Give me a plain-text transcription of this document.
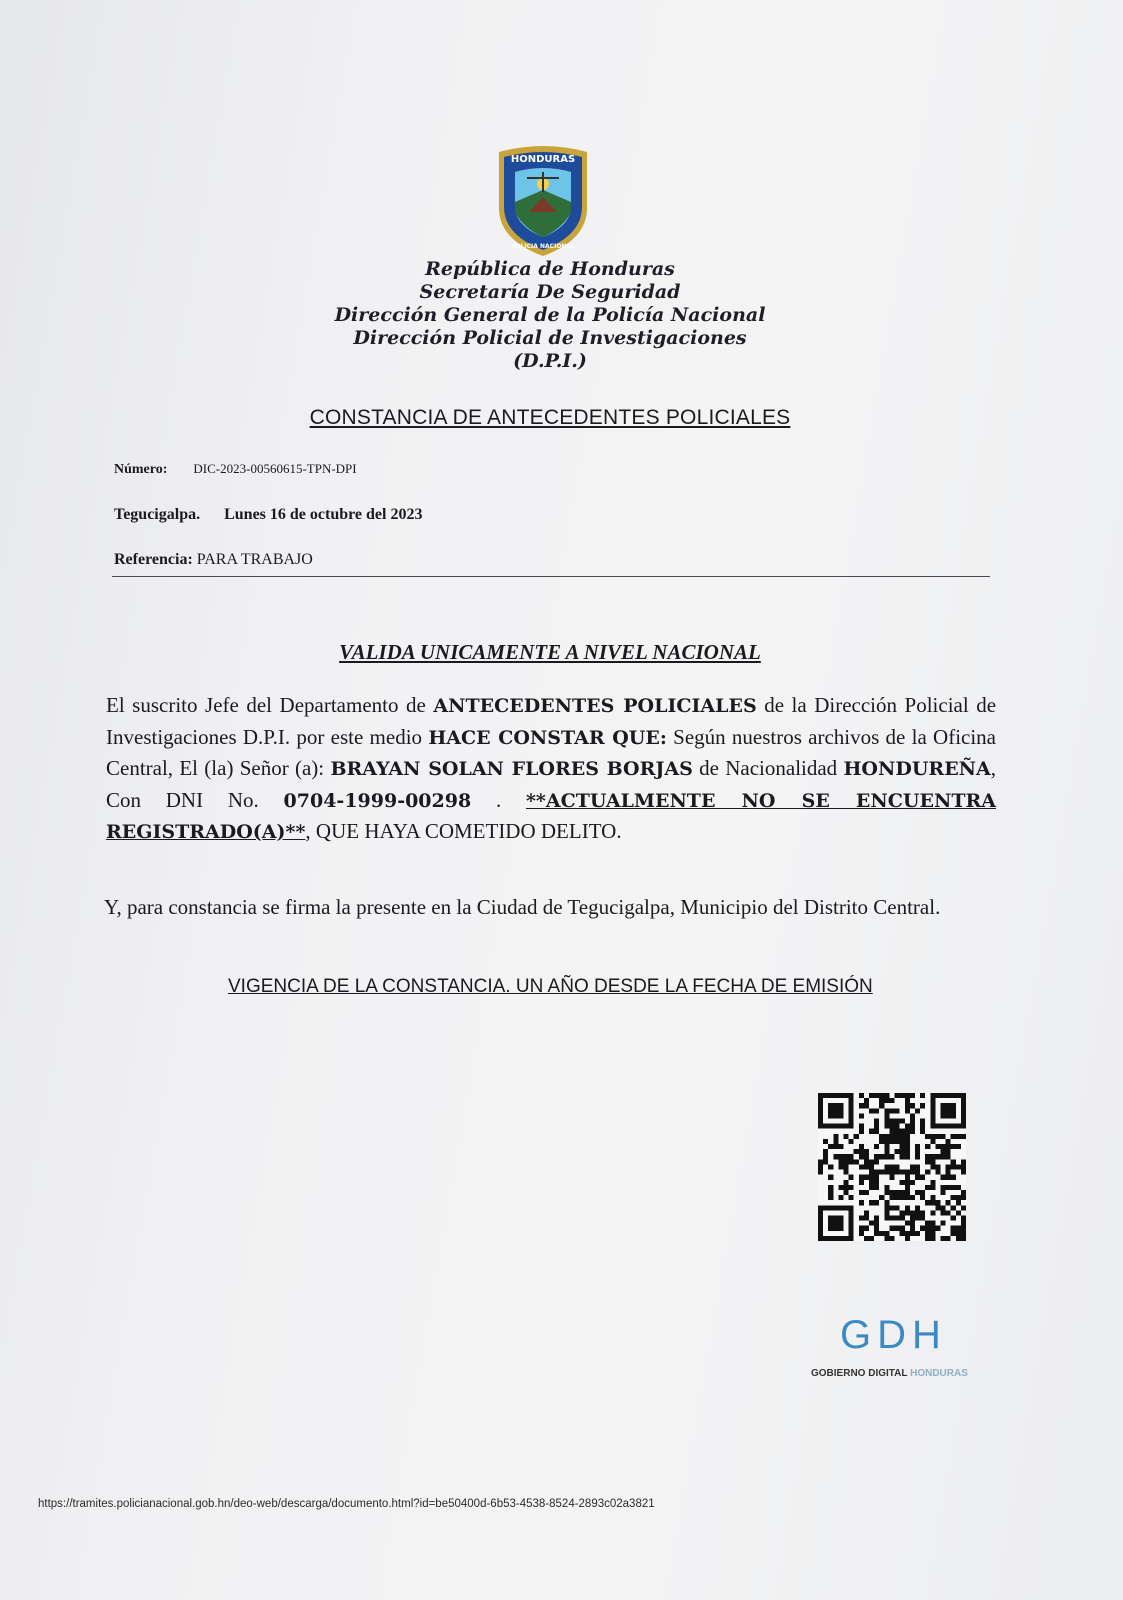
HONDURAS
POLICIA NACIONAL
República de Honduras
Secretaría De Seguridad
Dirección General de la Policía Nacional
Dirección Policial de Investigaciones
(D.P.I.)
CONSTANCIA DE ANTECEDENTES POLICIALES
Número: DIC-2023-00560615-TPN-DPI
Tegucigalpa. Lunes 16 de octubre del 2023
Referencia: PARA TRABAJO
VALIDA UNICAMENTE A NIVEL NACIONAL
El suscrito Jefe del Departamento de ANTECEDENTES POLICIALES de la Dirección Policial de Investigaciones D.P.I. por este medio HACE CONSTAR QUE: Según nuestros archivos de la Oficina Central, El (la) Señor (a): BRAYAN SOLAN FLORES BORJAS de Nacionalidad HONDUREÑA, Con DNI No. 0704-1999-00298 . **ACTUALMENTE NO SE ENCUENTRA REGISTRADO(A)**, QUE HAYA COMETIDO DELITO.
Y, para constancia se firma la presente en la Ciudad de Tegucigalpa, Municipio del Distrito Central.
VIGENCIA DE LA CONSTANCIA. UN AÑO DESDE LA FECHA DE EMISIÓN
GDH
GOBIERNO DIGITAL HONDURAS
https://tramites.policianacional.gob.hn/deo-web/descarga/documento.html?id=be50400d-6b53-4538-8524-2893c02a3821
